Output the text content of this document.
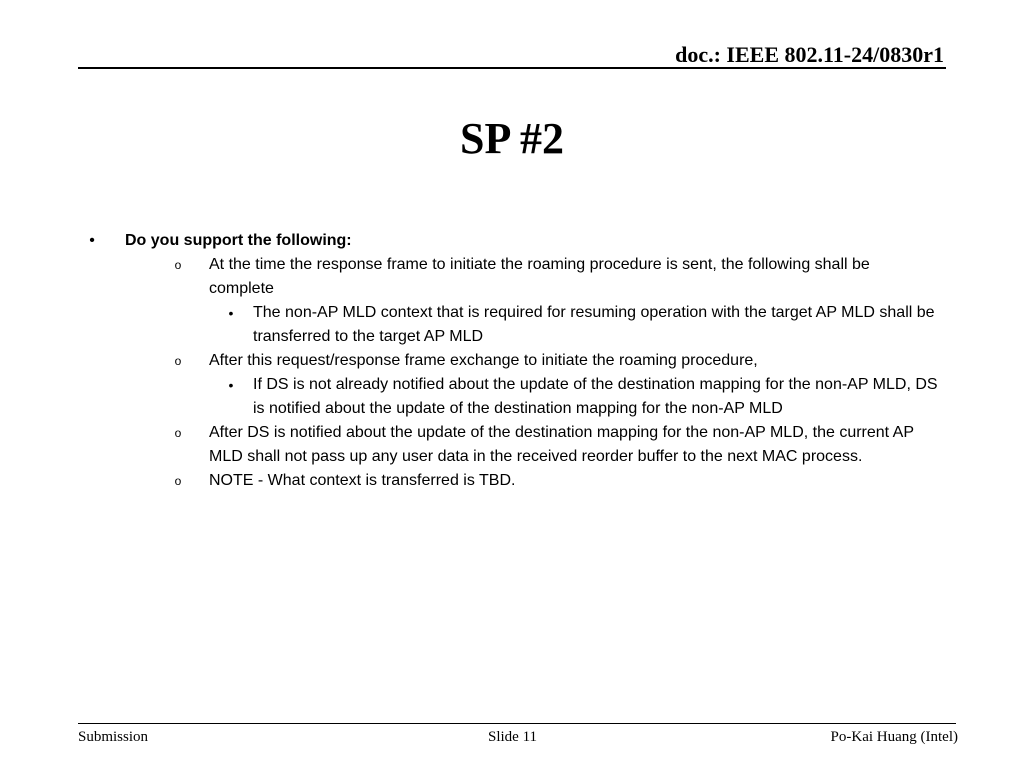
doc.: IEEE 802.11-24/0830r1
SP #2
• Do you support the following:
o At the time the response frame to initiate the roaming procedure is sent, the following shall be complete
• The non-AP MLD context that is required for resuming operation with the target AP MLD shall be transferred to the target AP MLD
o After this request/response frame exchange to initiate the roaming procedure,
• If DS is not already notified about the update of the destination mapping for the non-AP MLD, DS is notified about the update of the destination mapping for the non-AP MLD
o After DS is notified about the update of the destination mapping for the non-AP MLD, the current AP MLD shall not pass up any user data in the received reorder buffer to the next MAC process.
o NOTE - What context is transferred is TBD.
Submission	Slide 11	Po-Kai Huang (Intel)
